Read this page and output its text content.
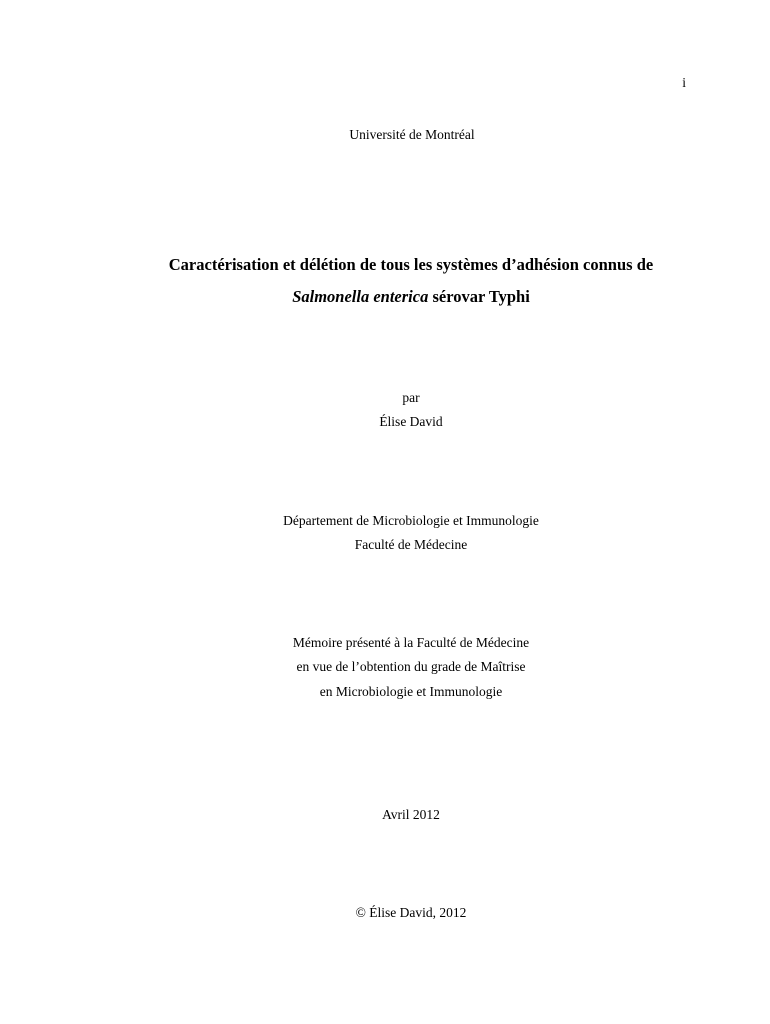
i
Université de Montréal
Caractérisation et délétion de tous les systèmes d’adhésion connus de
Salmonella enterica sérovar Typhi
par
Élise David
Département de Microbiologie et Immunologie
Faculté de Médecine
Mémoire présenté à la Faculté de Médecine
en vue de l’obtention du grade de Maîtrise
en Microbiologie et Immunologie
Avril 2012
© Élise David, 2012
